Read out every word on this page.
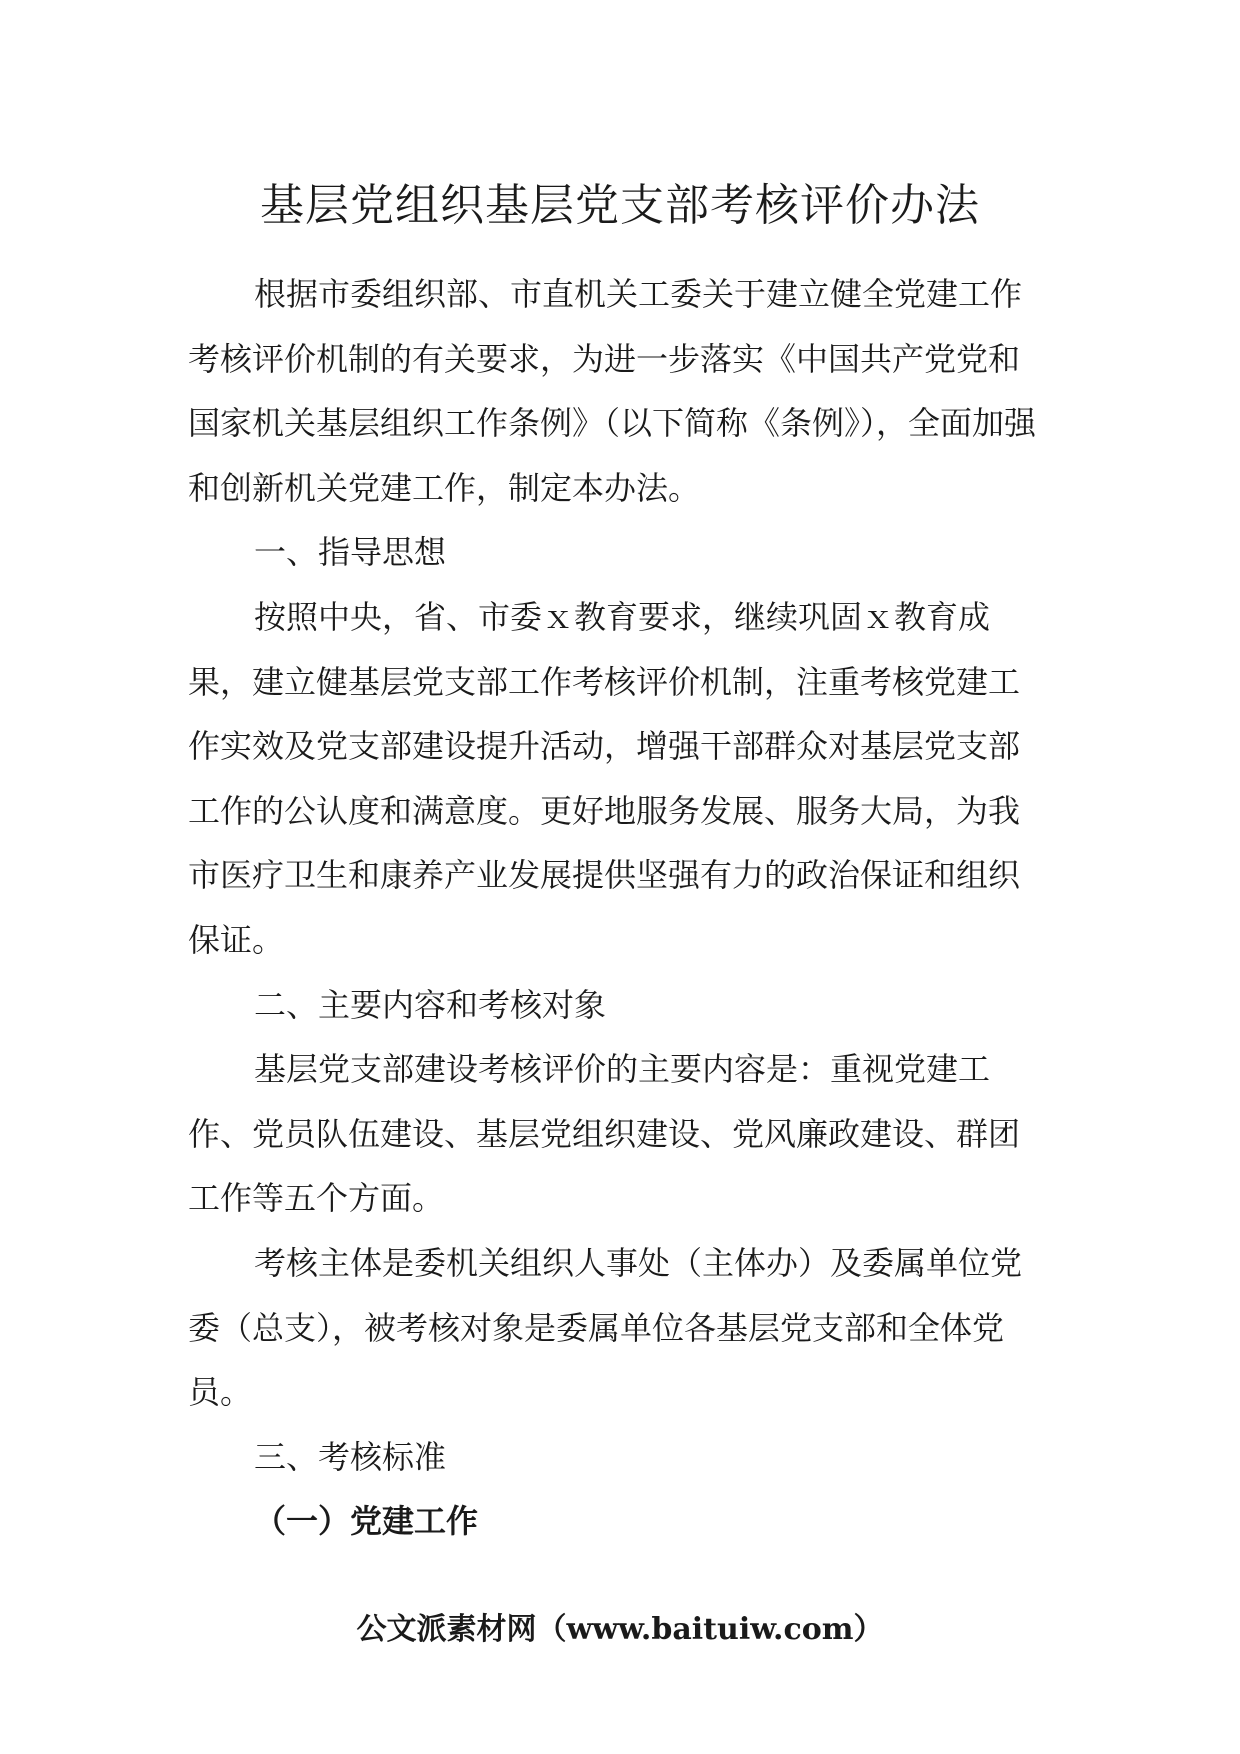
基层党组织基层党支部考核评价办法

根据市委组织部、市直机关工委关于建立健全党建工作考核评价机制的有关要求，为进一步落实《中国共产党党和国家机关基层组织工作条例》（以下简称《条例》），全面加强和创新机关党建工作，制定本办法。

一、指导思想

按照中央，省、市委ｘ教育要求，继续巩固ｘ教育成果，建立健基层党支部工作考核评价机制，注重考核党建工作实效及党支部建设提升活动，增强干部群众对基层党支部工作的公认度和满意度。更好地服务发展、服务大局，为我市医疗卫生和康养产业发展提供坚强有力的政治保证和组织保证。

二、主要内容和考核对象

基层党支部建设考核评价的主要内容是：重视党建工作、党员队伍建设、基层党组织建设、党风廉政建设、群团工作等五个方面。

考核主体是委机关组织人事处（主体办）及委属单位党委（总支），被考核对象是委属单位各基层党支部和全体党员。

三、考核标准

（一）党建工作

公文派素材网（www.baituiw.com）
